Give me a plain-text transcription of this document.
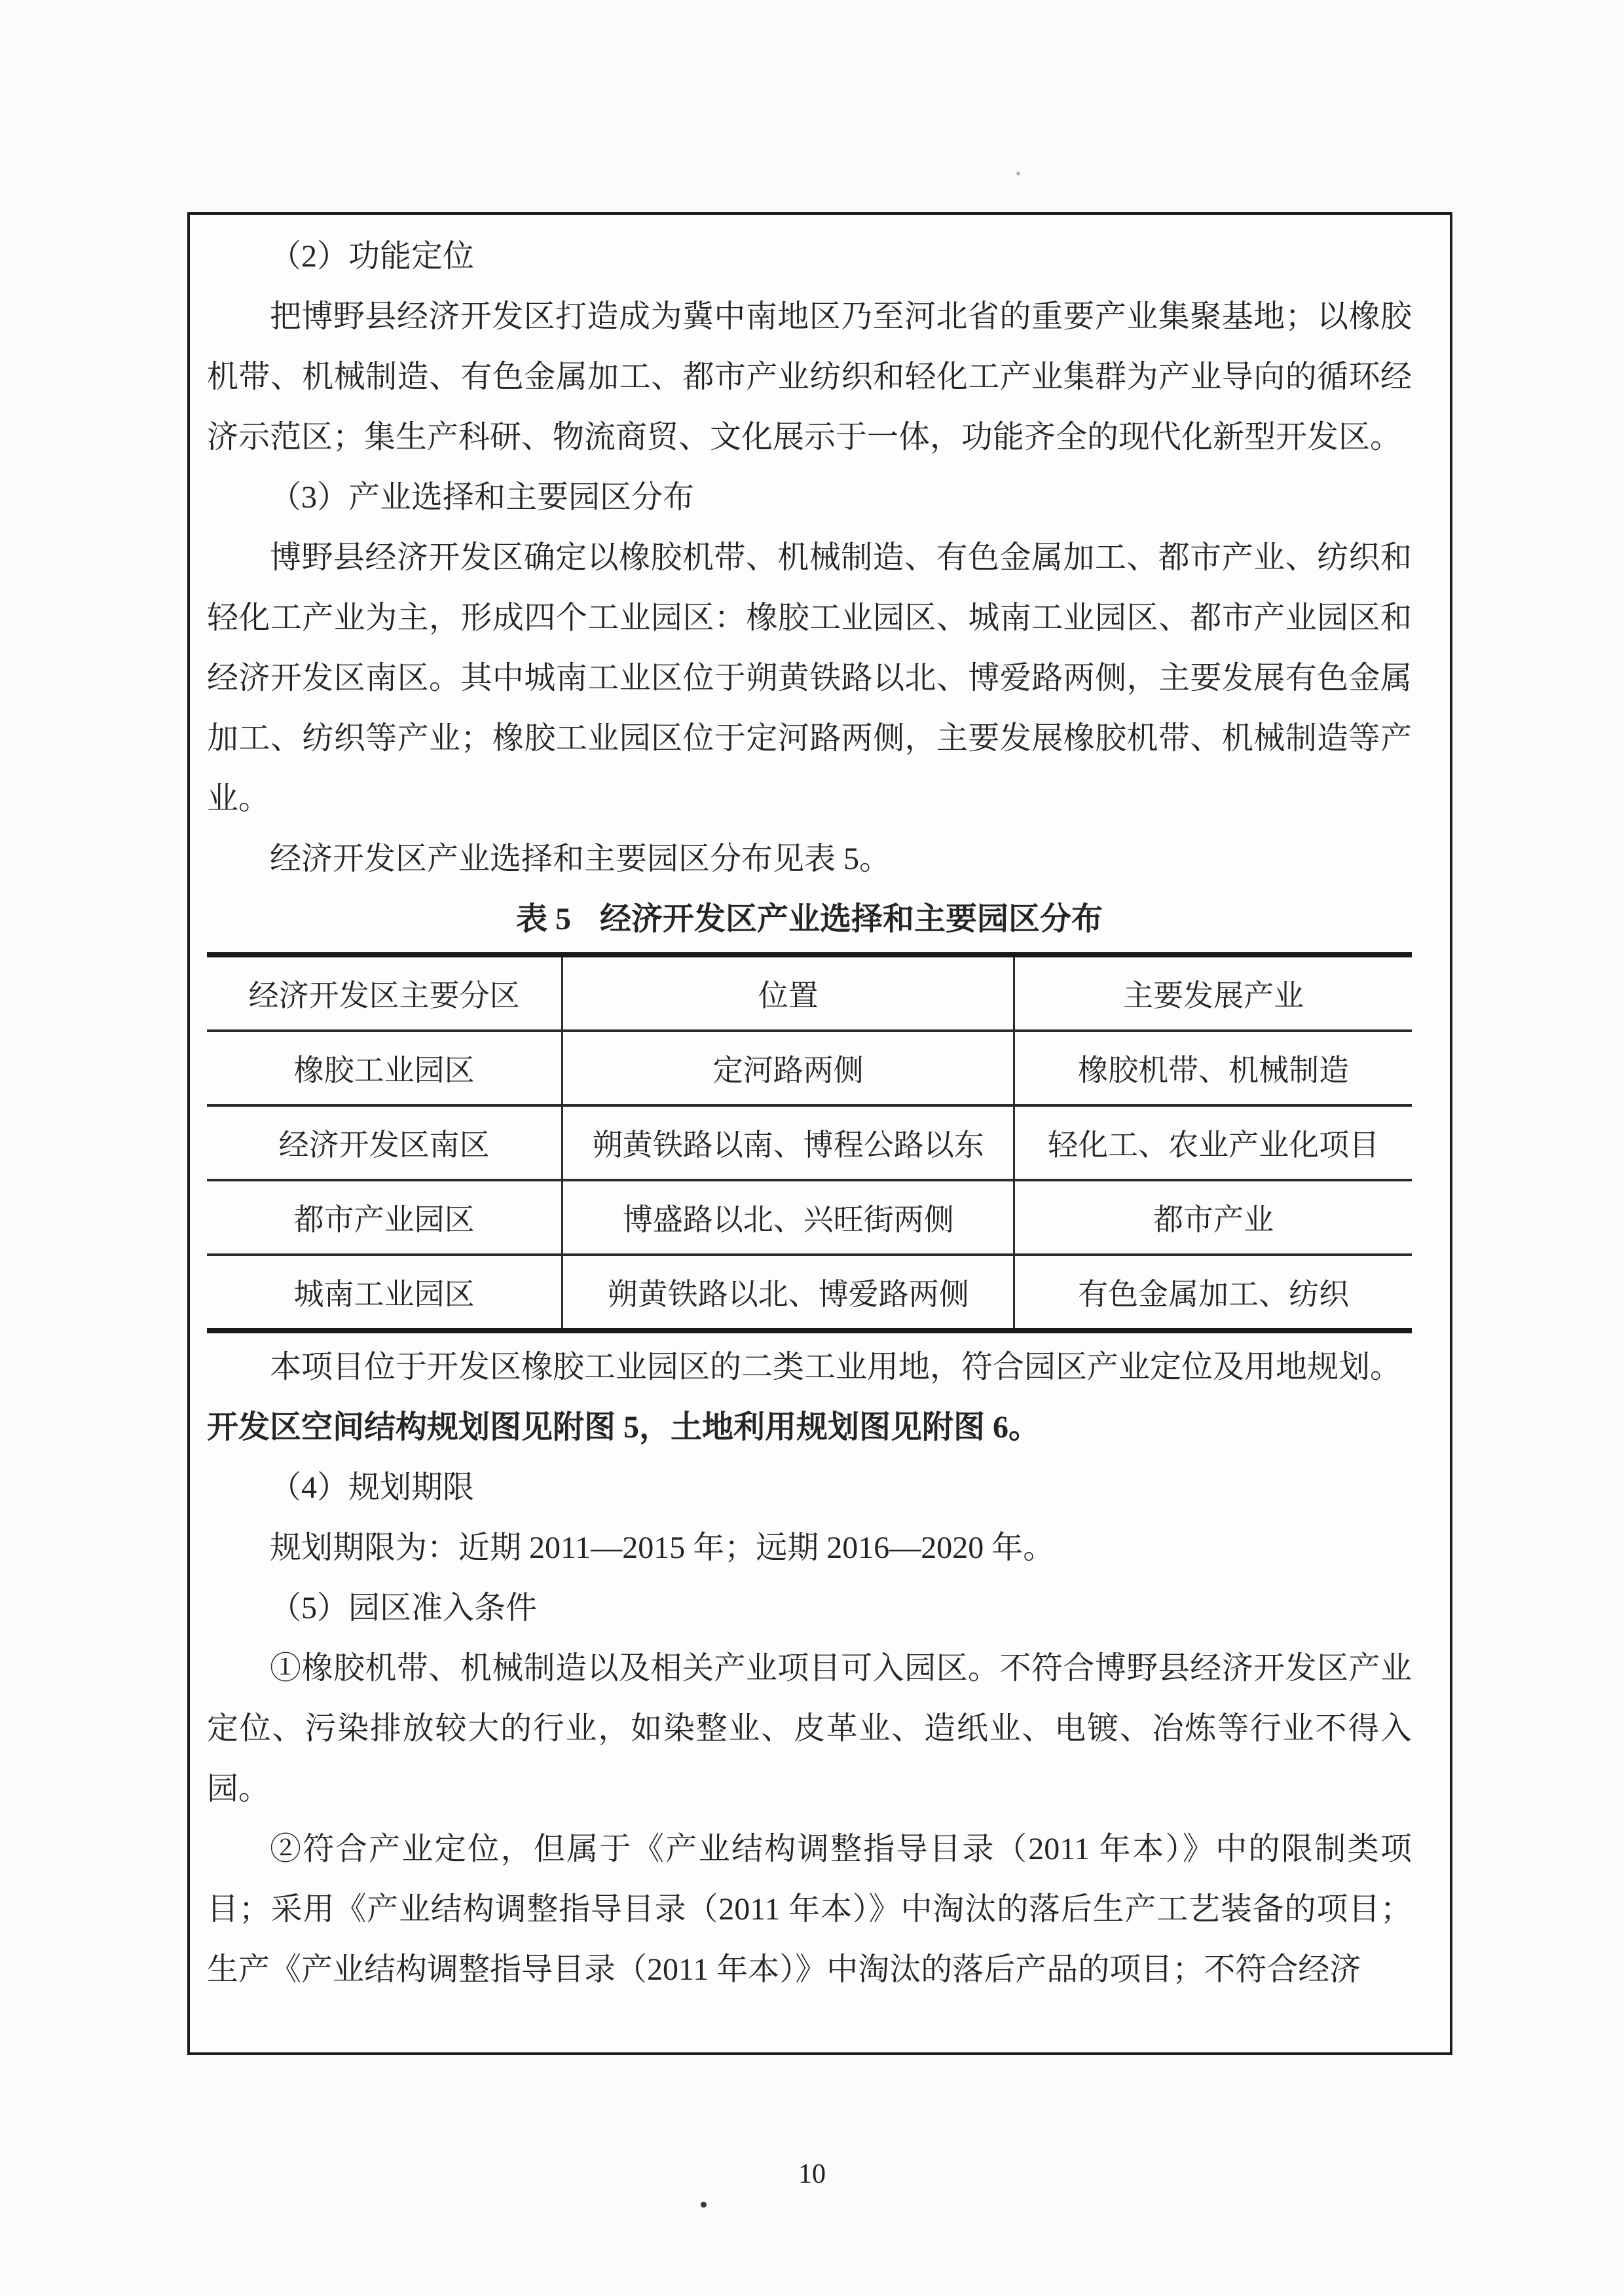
（2）功能定位

把博野县经济开发区打造成为冀中南地区乃至河北省的重要产业集聚基地；以橡胶机带、机械制造、有色金属加工、都市产业纺织和轻化工产业集群为产业导向的循环经济示范区；集生产科研、物流商贸、文化展示于一体，功能齐全的现代化新型开发区。

（3）产业选择和主要园区分布

博野县经济开发区确定以橡胶机带、机械制造、有色金属加工、都市产业、纺织和轻化工产业为主，形成四个工业园区：橡胶工业园区、城南工业园区、都市产业园区和经济开发区南区。其中城南工业区位于朔黄铁路以北、博爱路两侧，主要发展有色金属加工、纺织等产业；橡胶工业园区位于定河路两侧，主要发展橡胶机带、机械制造等产业。

经济开发区产业选择和主要园区分布见表 5。

表 5 经济开发区产业选择和主要园区分布
经济开发区主要分区	位置	主要发展产业
橡胶工业园区	定河路两侧	橡胶机带、机械制造
经济开发区南区	朔黄铁路以南、博程公路以东	轻化工、农业产业化项目
都市产业园区	博盛路以北、兴旺街两侧	都市产业
城南工业园区	朔黄铁路以北、博爱路两侧	有色金属加工、纺织

本项目位于开发区橡胶工业园区的二类工业用地，符合园区产业定位及用地规划。

开发区空间结构规划图见附图 5，土地利用规划图见附图 6。

（4）规划期限

规划期限为：近期 2011—2015 年；远期 2016—2020 年。

（5）园区准入条件

①橡胶机带、机械制造以及相关产业项目可入园区。不符合博野县经济开发区产业定位、污染排放较大的行业，如染整业、皮革业、造纸业、电镀、冶炼等行业不得入园。

②符合产业定位，但属于《产业结构调整指导目录（2011 年本）》中的限制类项目；采用《产业结构调整指导目录（2011 年本）》中淘汰的落后生产工艺装备的项目；生产《产业结构调整指导目录（2011 年本）》中淘汰的落后产品的项目；不符合经济

10
